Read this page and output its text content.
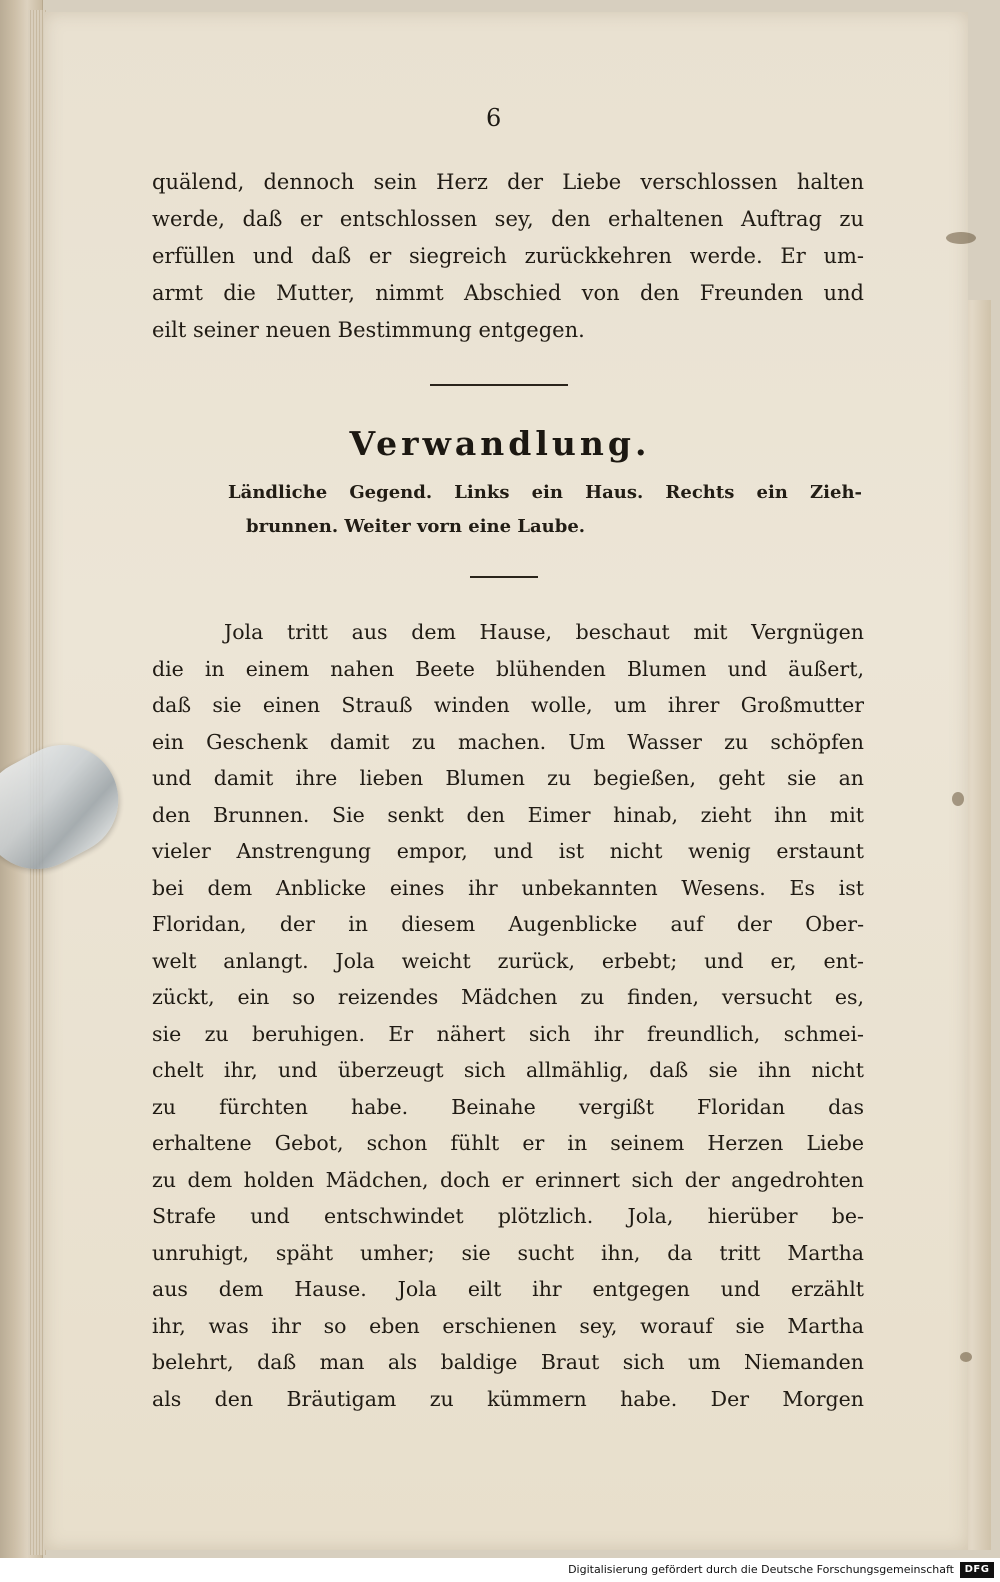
6
quälend, dennoch sein Herz der Liebe verschlossen halten
werde, daß er entschlossen sey, den erhaltenen Auftrag zu
erfüllen und daß er siegreich zurückkehren werde. Er um-
armt die Mutter, nimmt Abschied von den Freunden und
eilt seiner neuen Bestimmung entgegen.
Verwandlung.
Ländliche Gegend. Links ein Haus. Rechts ein Zieh-
brunnen. Weiter vorn eine Laube.
Jola tritt aus dem Hause, beschaut mit Vergnügen
die in einem nahen Beete blühenden Blumen und äußert,
daß sie einen Strauß winden wolle, um ihrer Großmutter
ein Geschenk damit zu machen. Um Wasser zu schöpfen
und damit ihre lieben Blumen zu begießen, geht sie an
den Brunnen. Sie senkt den Eimer hinab, zieht ihn mit
vieler Anstrengung empor, und ist nicht wenig erstaunt
bei dem Anblicke eines ihr unbekannten Wesens. Es ist
Floridan, der in diesem Augenblicke auf der Ober-
welt anlangt. Jola weicht zurück, erbebt; und er, ent-
zückt, ein so reizendes Mädchen zu finden, versucht es,
sie zu beruhigen. Er nähert sich ihr freundlich, schmei-
chelt ihr, und überzeugt sich allmählig, daß sie ihn nicht
zu fürchten habe. Beinahe vergißt Floridan das
erhaltene Gebot, schon fühlt er in seinem Herzen Liebe
zu dem holden Mädchen, doch er erinnert sich der angedrohten
Strafe und entschwindet plötzlich. Jola, hierüber be-
unruhigt, späht umher; sie sucht ihn, da tritt Martha
aus dem Hause. Jola eilt ihr entgegen und erzählt
ihr, was ihr so eben erschienen sey, worauf sie Martha
belehrt, daß man als baldige Braut sich um Niemanden
als den Bräutigam zu kümmern habe. Der Morgen
Digitalisierung gefördert durch die Deutsche Forschungsgemeinschaft	DFG
